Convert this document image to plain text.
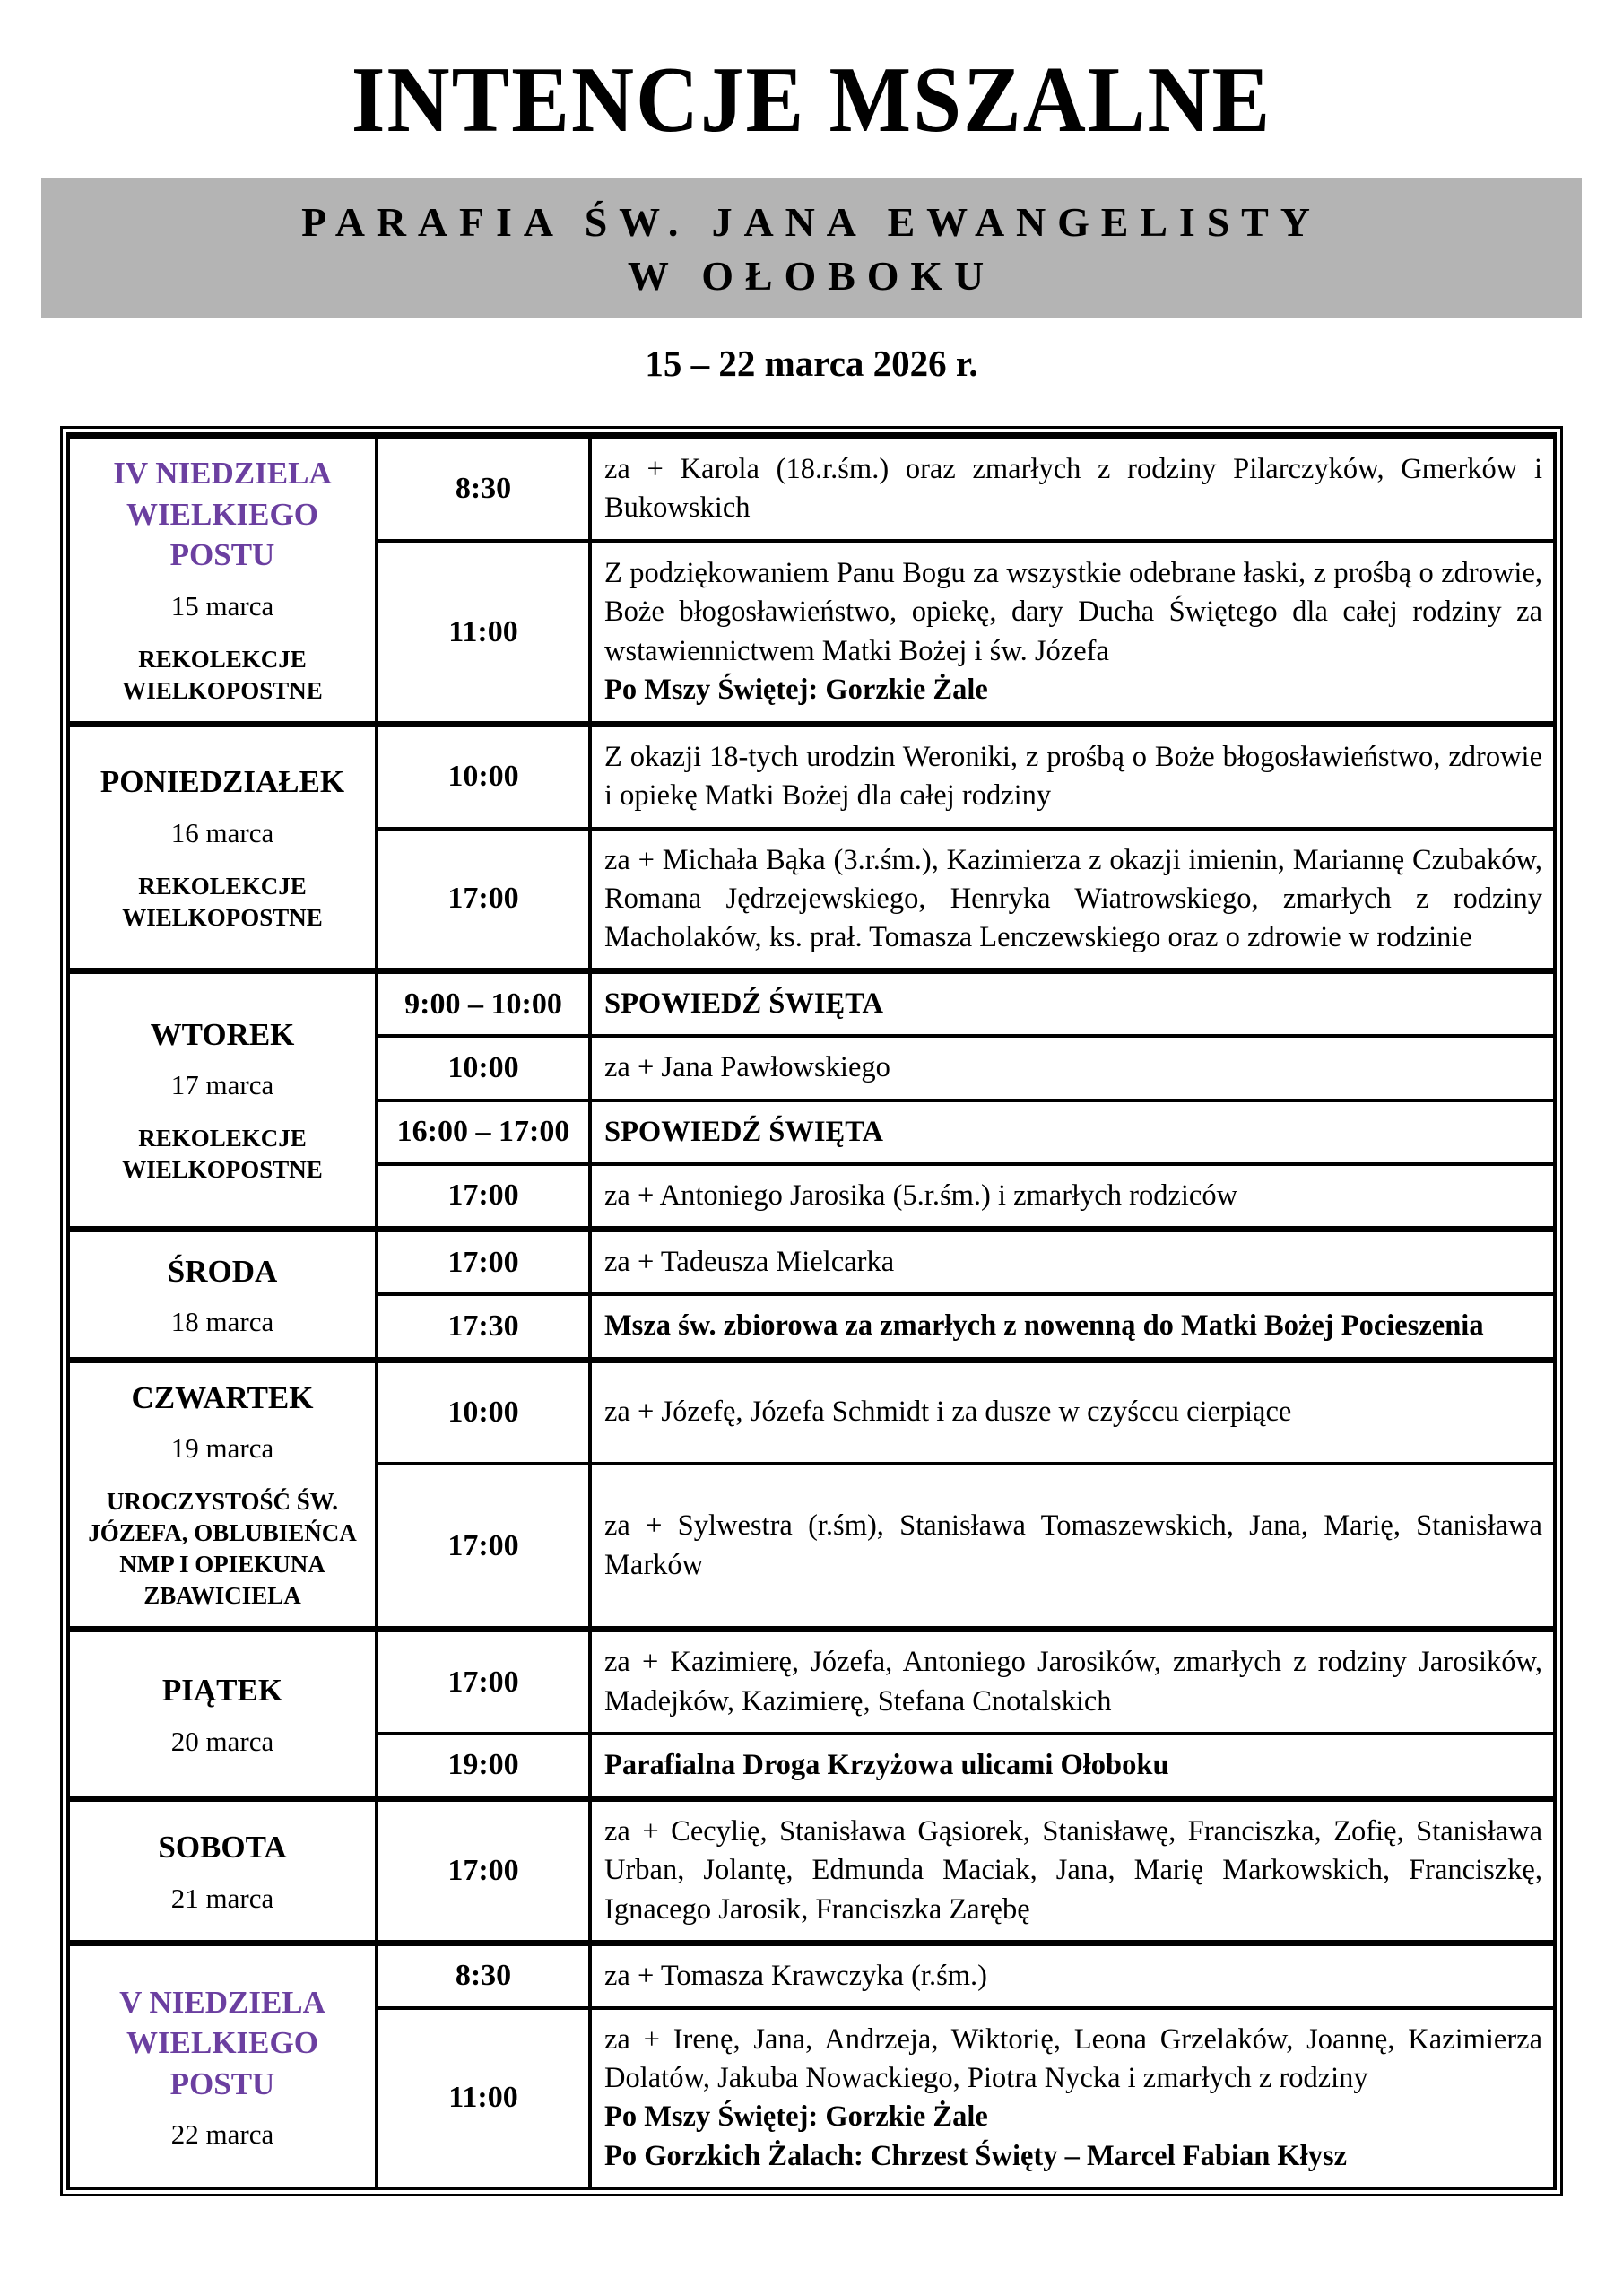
INTENCJE MSZALNE
PARAFIA ŚW. JANA EWANGELISTY
W OŁOBOKU
15 – 22 marca 2026 r.
IV NIEDZIELA WIELKIEGO POSTU
15 marca
REKOLEKCJE WIELKOPOSTNE	8:30	za + Karola (18.r.śm.) oraz zmarłych z rodziny Pilarczyków, Gmerków i Bukowskich

	11:00	Z podziękowaniem Panu Bogu za wszystkie odebrane łaski, z prośbą o zdrowie, Boże błogosławieństwo, opiekę, dary Ducha Świętego dla całej rodziny za wstawiennictwem Matki Bożej i św. Józefa
Po Mszy Świętej: Gorzkie Żale

PONIEDZIAŁEK
16 marca
REKOLEKCJE WIELKOPOSTNE	10:00	Z okazji 18-tych urodzin Weroniki, z prośbą o Boże błogosławieństwo, zdrowie i opiekę Matki Bożej dla całej rodziny

	17:00	za + Michała Bąka (3.r.śm.), Kazimierza z okazji imienin, Mariannę Czubaków, Romana Jędrzejewskiego, Henryka Wiatrowskiego, zmarłych z rodziny Macholaków, ks. prał. Tomasza Lenczewskiego oraz o zdrowie w rodzinie

WTOREK
17 marca
REKOLEKCJE WIELKOPOSTNE	9:00 – 10:00	SPOWIEDŹ ŚWIĘTA

	10:00	za + Jana Pawłowskiego

	16:00 – 17:00	SPOWIEDŹ ŚWIĘTA

	17:00	za + Antoniego Jarosika (5.r.śm.) i zmarłych rodziców

ŚRODA
18 marca	17:00	za + Tadeusza Mielcarka

	17:30	Msza św. zbiorowa za zmarłych z nowenną do Matki Bożej Pocieszenia

CZWARTEK
19 marca
UROCZYSTOŚĆ ŚW. JÓZEFA, OBLUBIEŃCA NMP I OPIEKUNA ZBAWICIELA	10:00	za + Józefę, Józefa Schmidt i za dusze w czyśccu cierpiące

	17:00	za + Sylwestra (r.śm), Stanisława Tomaszewskich, Jana, Marię, Stanisława Marków

PIĄTEK
20 marca	17:00	za + Kazimierę, Józefa, Antoniego Jarosików, zmarłych z rodziny Jarosików, Madejków, Kazimierę, Stefana Cnotalskich

	19:00	Parafialna Droga Krzyżowa ulicami Ołoboku

SOBOTA
21 marca	17:00	za + Cecylię, Stanisława Gąsiorek, Stanisławę, Franciszka, Zofię, Stanisława Urban, Jolantę, Edmunda Maciak, Jana, Marię Markowskich, Franciszkę, Ignacego Jarosik, Franciszka Zarębę

V NIEDZIELA WIELKIEGO POSTU
22 marca	8:30	za + Tomasza Krawczyka (r.śm.)

	11:00	za + Irenę, Jana, Andrzeja, Wiktorię, Leona Grzelaków, Joannę, Kazimierza Dolatów, Jakuba Nowackiego, Piotra Nycka i zmarłych z rodziny
Po Mszy Świętej: Gorzkie Żale
Po Gorzkich Żalach: Chrzest Święty – Marcel Fabian Kłysz
